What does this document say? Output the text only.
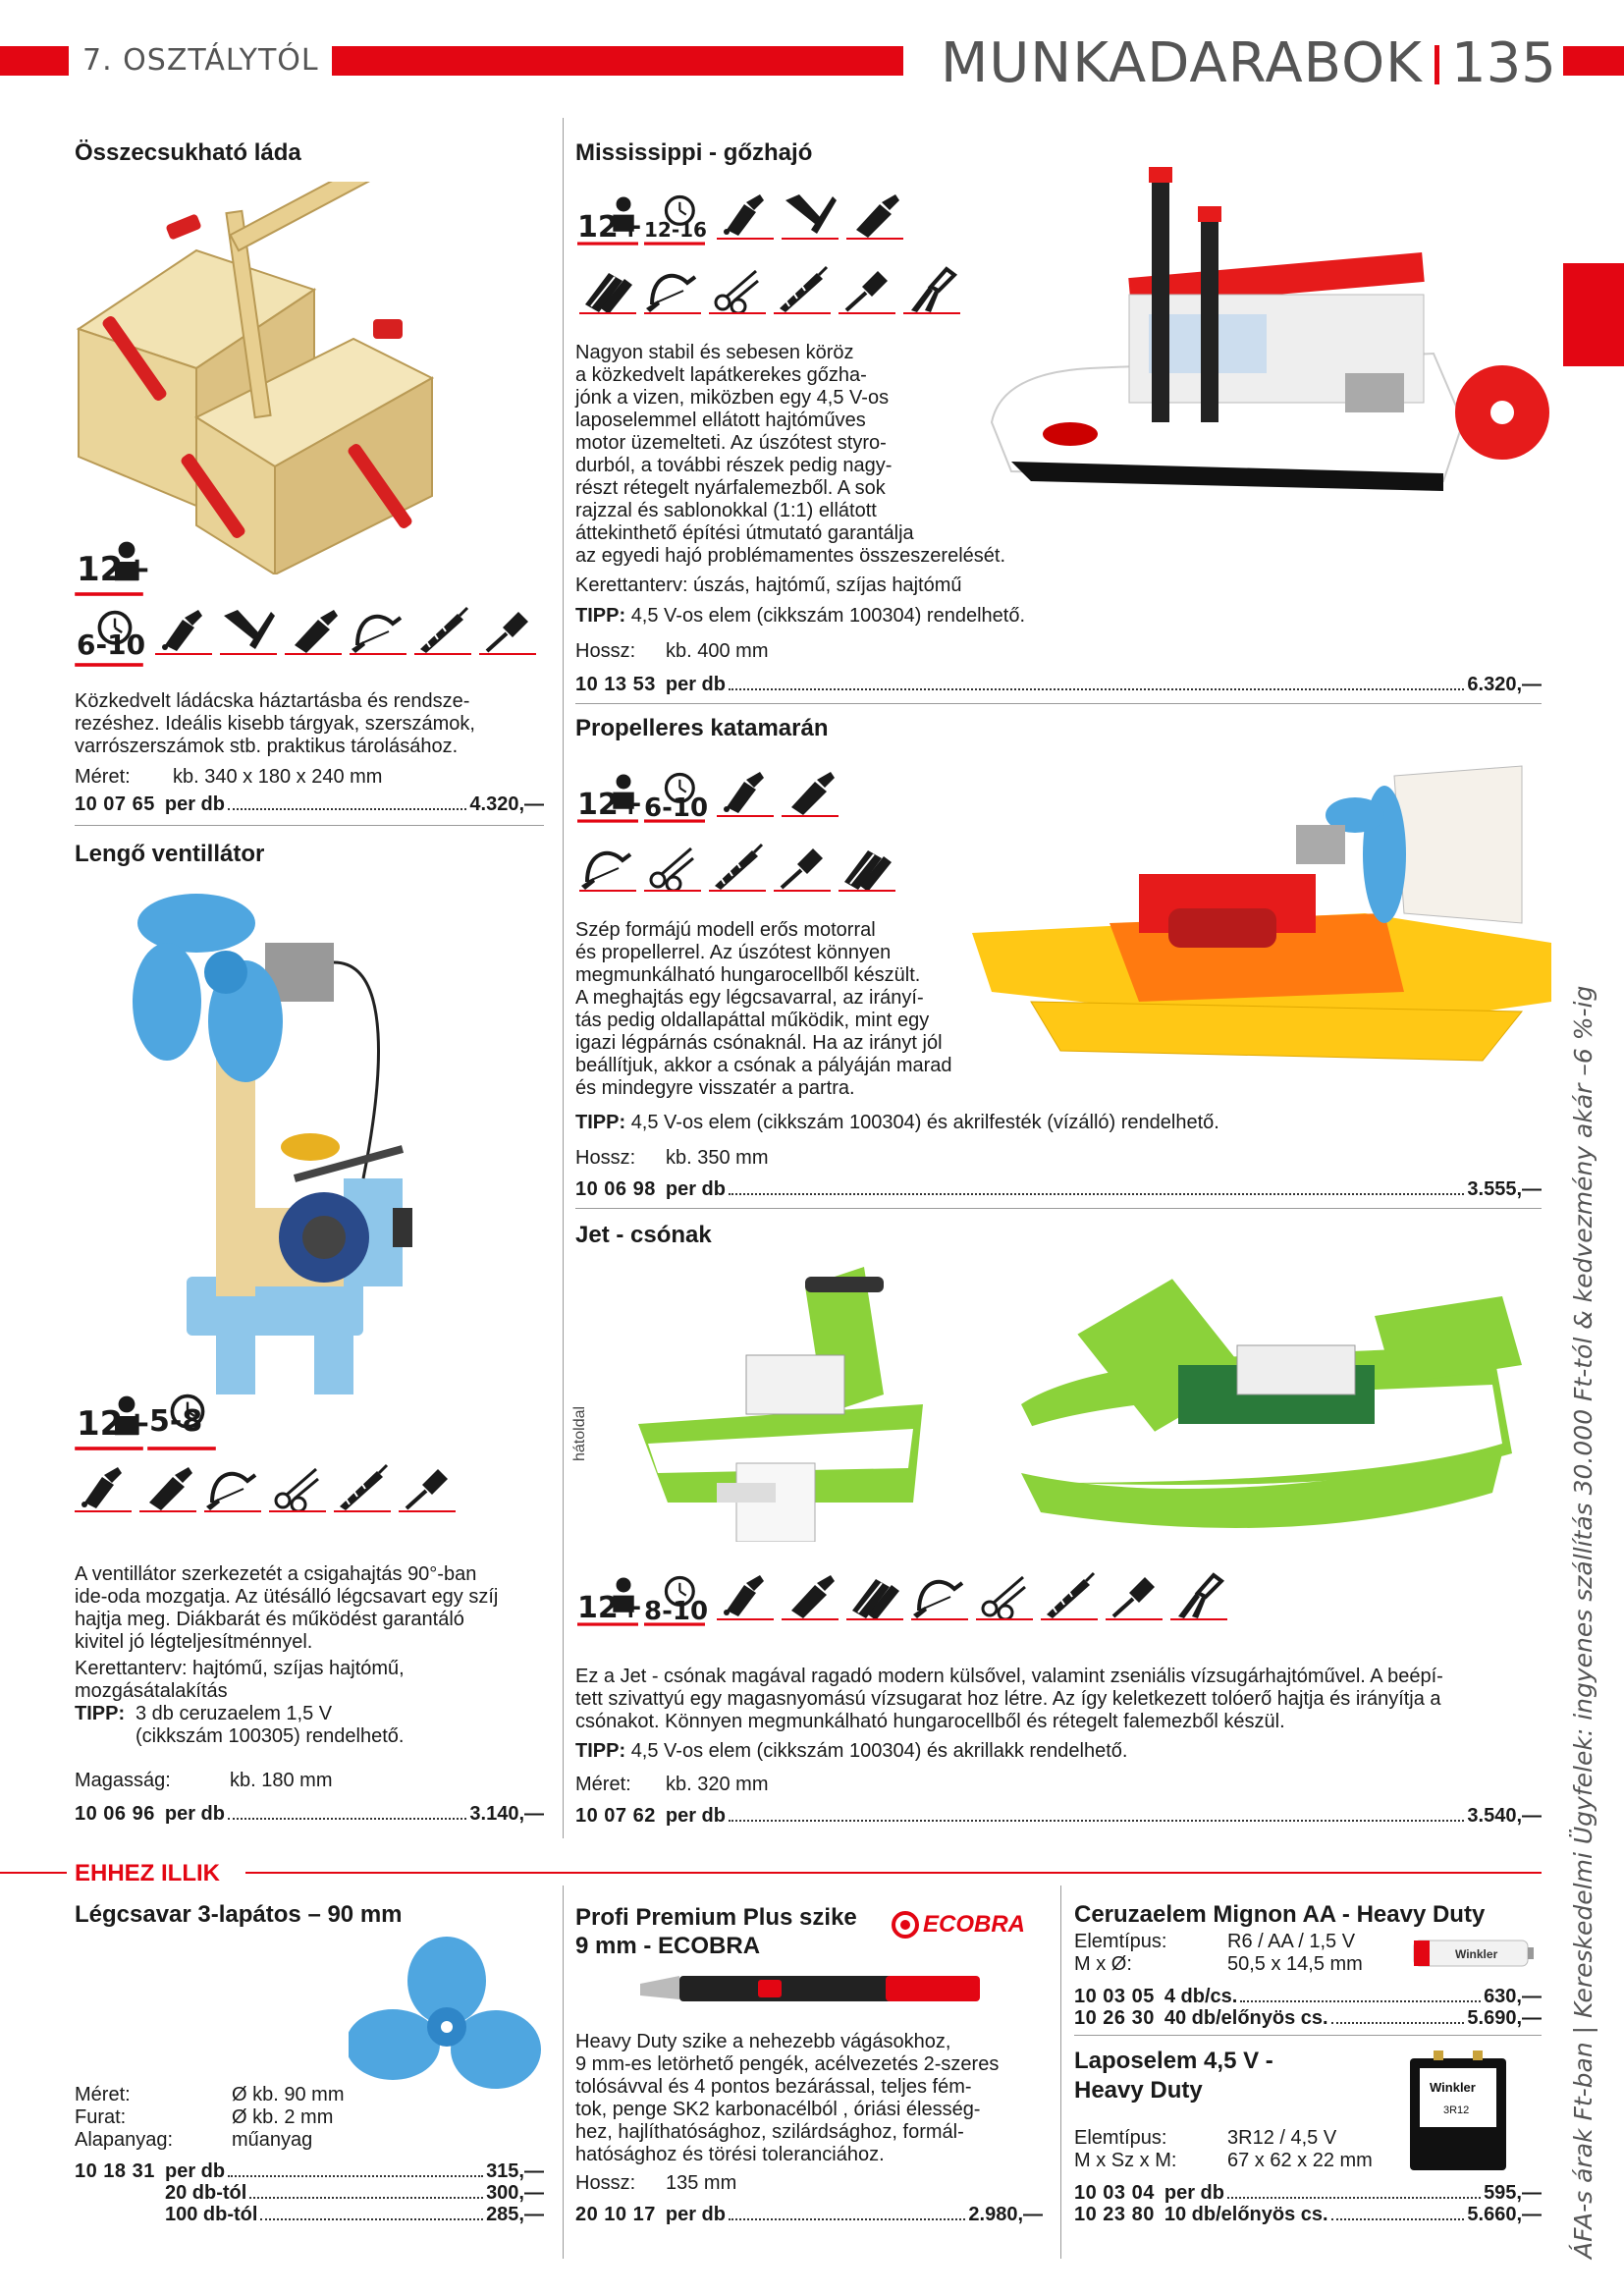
7. OSZTÁLYTÓL	MUNKADARABOK 135
Összecsukható láda
12+
6-10
Közkedvelt ládácska háztartásba és rendsze-
rezéshez. Ideális kisebb tárgyak, szerszámok,
varrószerszámok stb. praktikus tárolásához.
Méret:	kb. 340 x 180 x 240 mm
10 07 65 per db	4.320,—
Lengő ventillátor
12+
5-8
A ventillátor szerkezetét a csigahajtás 90°-ban
ide-oda mozgatja. Az ütésálló légcsavart egy szíj
hajtja meg. Diákbarát és működést garantáló
kivitel jó légteljesítménnyel.
Kerettanterv: hajtómű, szíjas hajtómű,
mozgásátalakítás
TIPP: 3 db ceruzaelem 1,5 V
(cikkszám 100305) rendelhető.
Magasság:	kb. 180 mm
10 06 96 per db	3.140,—
Mississippi - gőzhajó
12+ 12-16
Nagyon stabil és sebesen köröz
a közkedvelt lapátkerekes gőzha-
jónk a vizen, miközben egy 4,5 V-os
laposelemmel ellátott hajtóműves
motor üzemelteti. Az úszótest styro-
durból, a további részek pedig nagy-
részt rétegelt nyárfalemezből. A sok
rajzzal és sablonokkal (1:1) ellátott
áttekinthető építési útmutató garantálja
az egyedi hajó problémamentes összeszerelését.
Kerettanterv: úszás, hajtómű, szíjas hajtómű
TIPP: 4,5 V-os elem (cikkszám 100304) rendelhető.
Hossz:	kb. 400 mm
10 13 53 per db	6.320,—
Propelleres katamarán
12+ 6-10
Szép formájú modell erős motorral
és propellerrel. Az úszótest könnyen
megmunkálható hungarocellből készült.
A meghajtás egy légcsavarral, az irányí-
tás pedig oldallapáttal működik, mint egy
igazi légpárnás csónaknál. Ha az irányt jól
beállítjuk, akkor a csónak a pályáján marad
és mindegyre visszatér a partra.
TIPP: 4,5 V-os elem (cikkszám 100304) és akrilfesték (vízálló) rendelhető.
Hossz:	kb. 350 mm
10 06 98 per db	3.555,—
Jet - csónak
hátoldal
12+ 8-10
Ez a Jet - csónak magával ragadó modern külsővel, valamint zseniális vízsugárhajtóművel. A beépí-
tett szivattyú egy magasnyomású vízsugarat hoz létre. Az így keletkezett tolóerő hajtja és irányítja a
csónakot. Könnyen megmunkálható hungarocellből és rétegelt falemezből készül.
TIPP: 4,5 V-os elem (cikkszám 100304) és akrillakk rendelhető.
Méret:	kb. 320 mm
10 07 62 per db	3.540,—
EHHEZ ILLIK
Légcsavar 3-lapátos – 90 mm
Méret:	Ø kb. 90 mm
Furat:	Ø kb. 2 mm
Alapanyag:	műanyag
10 18 31 per db	315,—
20 db-tól	300,—
100 db-tól	285,—
Profi Premium Plus szike
9 mm - ECOBRA
ECOBRA
Heavy Duty szike a nehezebb vágásokhoz,
9 mm-es letörhető pengék, acélvezetés 2-szeres
tolósávval és 4 pontos bezárással, teljes fém-
tok, penge SK2 karbonacélból , óriási élesség-
hez, hajlíthatósághoz, szilárdsághoz, formál-
hatósághoz és törési toleranciához.
Hossz:	135 mm
20 10 17 per db	2.980,—
Ceruzaelem Mignon AA - Heavy Duty
Elemtípus:	R6 / AA / 1,5 V
M x Ø:	50,5 x 14,5 mm	Winkler
10 03 05 4 db/cs.	630,—
10 26 30 40 db/előnyös cs.	5.690,—
Laposelem 4,5 V -
Heavy Duty	Winkler
3R12
Elemtípus:	3R12 / 4,5 V
M x Sz x M:	67 x 62 x 22 mm
10 03 04 per db	595,—
10 23 80 10 db/előnyös cs.	5.660,— ÁFA-s árak Ft-ban | Kereskedelmi Ügyfelek: ingyenes szállítás 30.000 Ft-tól & kedvezmény akár –6 %-ig
